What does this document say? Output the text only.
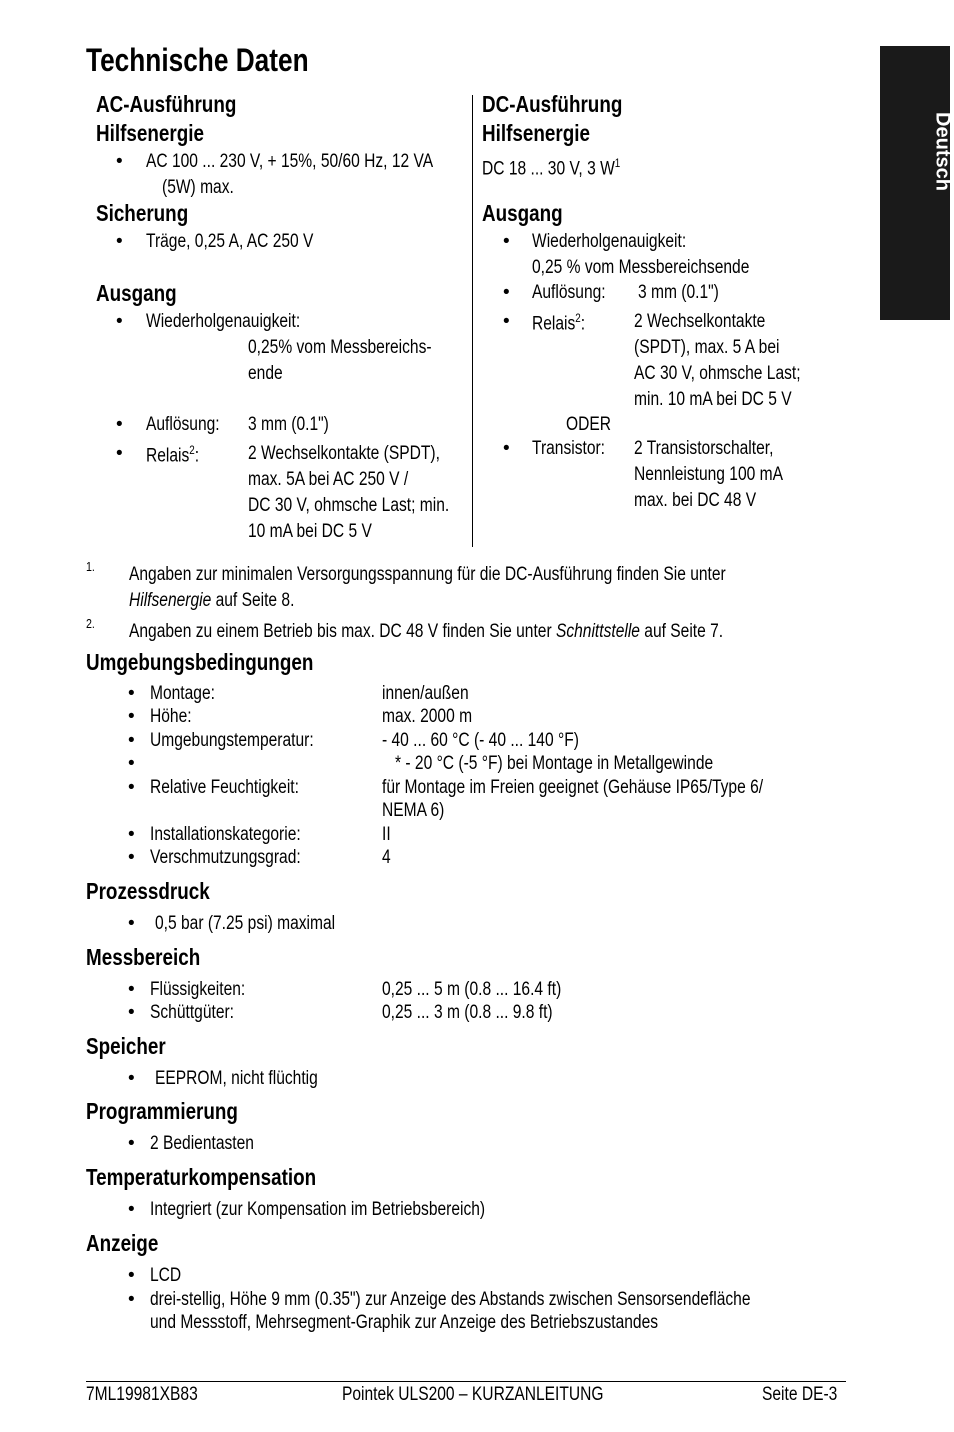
Deutsch
Technische Daten
AC-Ausführung
Hilfsenergie
• AC 100 ... 230 V, + 15%, 50/60 Hz, 12 VA
(5W) max.
Sicherung
• Träge, 0,25 A, AC 250 V
Ausgang
• Wiederholgenauigkeit:
0,25% vom Messbereichs-
ende
• Auflösung:	3 mm (0.1")
• Relais$^2$:	2 Wechselkontakte (SPDT),
max. 5A bei AC 250 V /
DC 30 V, ohmsche Last; min.
10 mA bei DC 5 V
DC-Ausführung
Hilfsenergie
DC 18 ... 30 V, 3 $W^1$
Ausgang
• Wiederholgenauigkeit:
0,25 % vom Messbereichsende
• Auflösung:	3 mm (0.1")
• Relais$^2$:	2 Wechselkontakte
(SPDT), max. 5 A bei
AC 30 V, ohmsche Last;
min. 10 mA bei DC 5 V
ODER
• Transistor:	2 Transistorschalter,
Nennleistung 100 mA
max. bei DC 48 V
1. Angaben zur minimalen Versorgungsspannung für die DC-Ausführung finden Sie unter
Hilfsenergie auf Seite 8.
2. Angaben zu einem Betrieb bis max. DC 48 V finden Sie unter Schnittstelle auf Seite 7.
Umgebungsbedingungen
• Montage:	innen/außen
• Höhe:	max. 2000 m
• Umgebungstemperatur:	- 40 ... 60 °C (- 40 ... 140 °F)
•	* - 20 °C (-5 °F) bei Montage in Metallgewinde
• Relative Feuchtigkeit:	für Montage im Freien geeignet (Gehäuse IP65/Type 6/
NEMA 6)
• Installationskategorie:	II
• Verschmutzungsgrad:	4
Prozessdruck
• 0,5 bar (7.25 psi) maximal
Messbereich
• Flüssigkeiten:	0,25 ... 5 m (0.8 ... 16.4 ft)
• Schüttgüter:	0,25 ... 3 m (0.8 ... 9.8 ft)
Speicher
• EEPROM, nicht flüchtig
Programmierung
• 2 Bedientasten
Temperaturkompensation
• Integriert (zur Kompensation im Betriebsbereich)
Anzeige
• LCD
• drei-stellig, Höhe 9 mm (0.35") zur Anzeige des Abstands zwischen Sensorsendefläche
und Messstoff, Mehrsegment-Graphik zur Anzeige des Betriebszustandes
7ML19981XB83	Pointek ULS200 – KURZANLEITUNG	Seite DE-3
